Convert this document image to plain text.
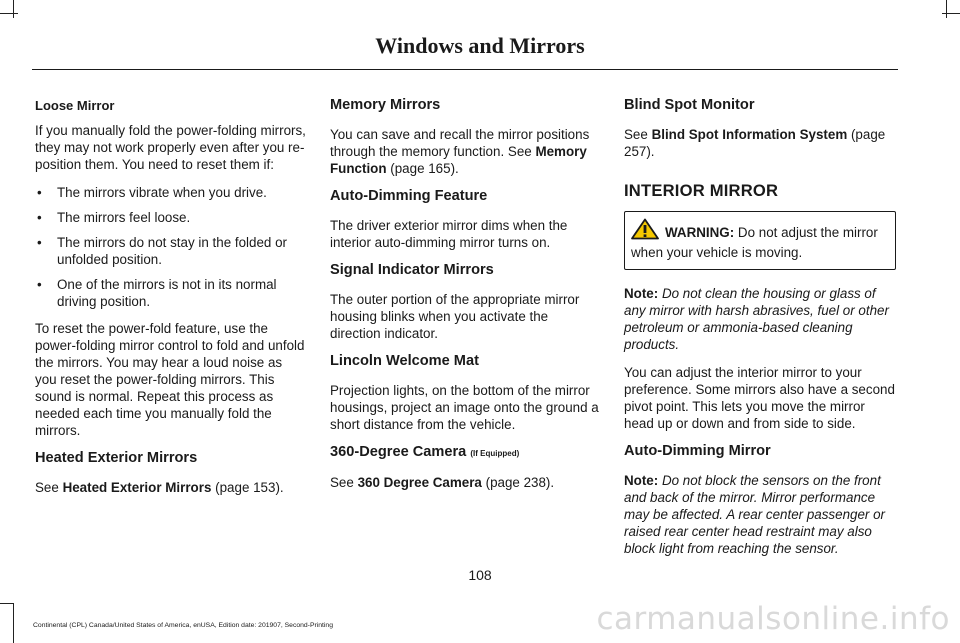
Windows and Mirrors
Loose Mirror

If you manually fold the power-folding mirrors, they may not work properly even after you re-position them. You need to reset them if:

• The mirrors vibrate when you drive.
• The mirrors feel loose.
• The mirrors do not stay in the folded or unfolded position.
• One of the mirrors is not in its normal driving position.

To reset the power-fold feature, use the power-folding mirror control to fold and unfold the mirrors. You may hear a loud noise as you reset the power-folding mirrors. This sound is normal. Repeat this process as needed each time you manually fold the mirrors.

Heated Exterior Mirrors

See Heated Exterior Mirrors (page 153).

Memory Mirrors

You can save and recall the mirror positions through the memory function. See Memory Function (page 165).

Auto-Dimming Feature

The driver exterior mirror dims when the interior auto-dimming mirror turns on.

Signal Indicator Mirrors

The outer portion of the appropriate mirror housing blinks when you activate the direction indicator.

Lincoln Welcome Mat

Projection lights, on the bottom of the mirror housings, project an image onto the ground a short distance from the vehicle.

360-Degree Camera (If Equipped)

See 360 Degree Camera (page 238).

Blind Spot Monitor

See Blind Spot Information System (page 257).

INTERIOR MIRROR
WARNING: Do not adjust the mirror when your vehicle is moving.

Note: Do not clean the housing or glass of any mirror with harsh abrasives, fuel or other petroleum or ammonia-based cleaning products.

You can adjust the interior mirror to your preference. Some mirrors also have a second pivot point. This lets you move the mirror head up or down and from side to side.

Auto-Dimming Mirror

Note: Do not block the sensors on the front and back of the mirror. Mirror performance may be affected. A rear center passenger or raised rear center head restraint may also block light from reaching the sensor.

108
Continental (CPL) Canada/United States of America, enUSA, Edition date: 201907, Second-Printing	carmanualsonline.info
